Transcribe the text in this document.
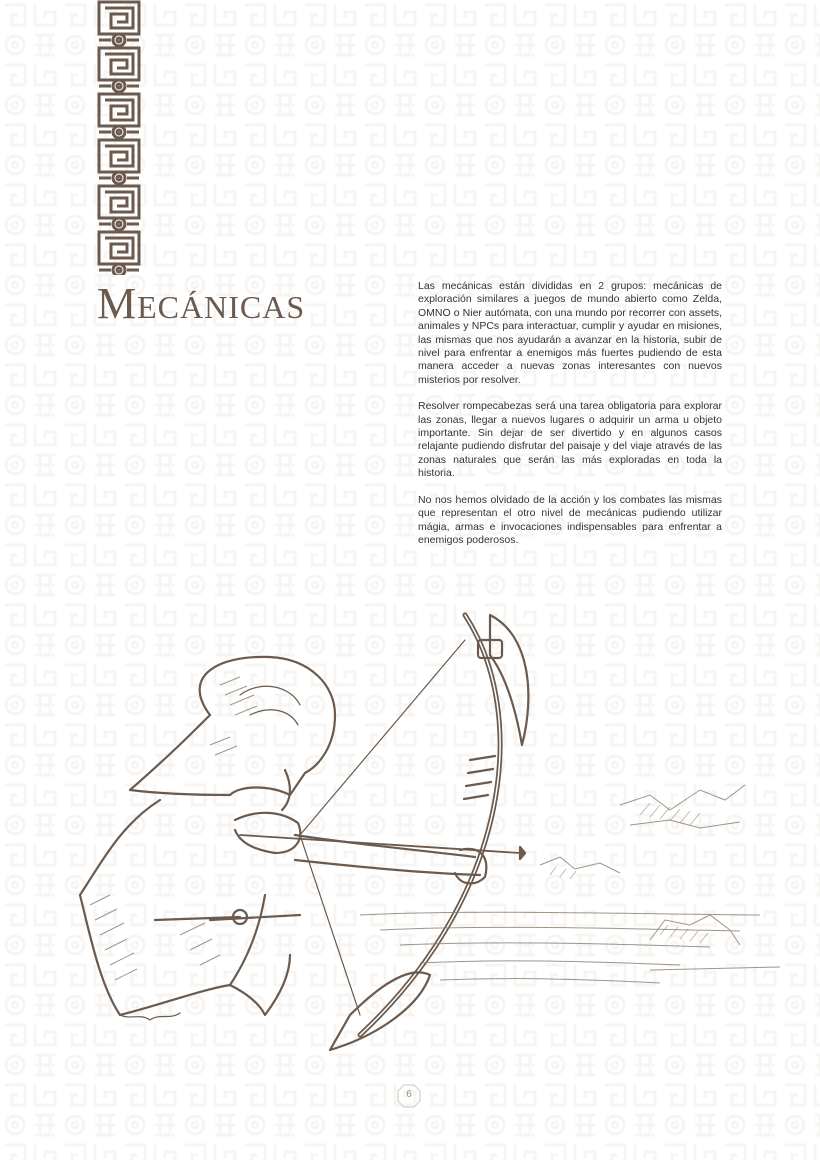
MECÁNICAS

Las mecánicas están divididas en 2 grupos: mecánicas de exploración similares a juegos de mundo abierto como Zelda, OMNO o Nier autómata, con una mundo por recorrer con assets, animales y NPCs para interactuar, cumplir y ayudar en misiones, las mismas que nos ayudarán a avanzar en la historia, subir de nivel para enfrentar a enemigos más fuertes pudiendo de esta manera acceder a nuevas zonas interesantes con nuevos misterios por resolver.

Resolver rompecabezas será una tarea obligatoria para explorar las zonas, llegar a nuevos lugares o adquirir un arma u objeto importante. Sin dejar de ser divertido y en algunos casos relajante pudiendo disfrutar del paisaje y del viaje através de las zonas naturales que serán las más exploradas en toda la historia.

No nos hemos olvidado de la acción y los combates las mismas que representan el otro nivel de mecánicas pudiendo utilizar mágia, armas e invocaciones indispensables para enfrentar a enemigos poderosos.

6
